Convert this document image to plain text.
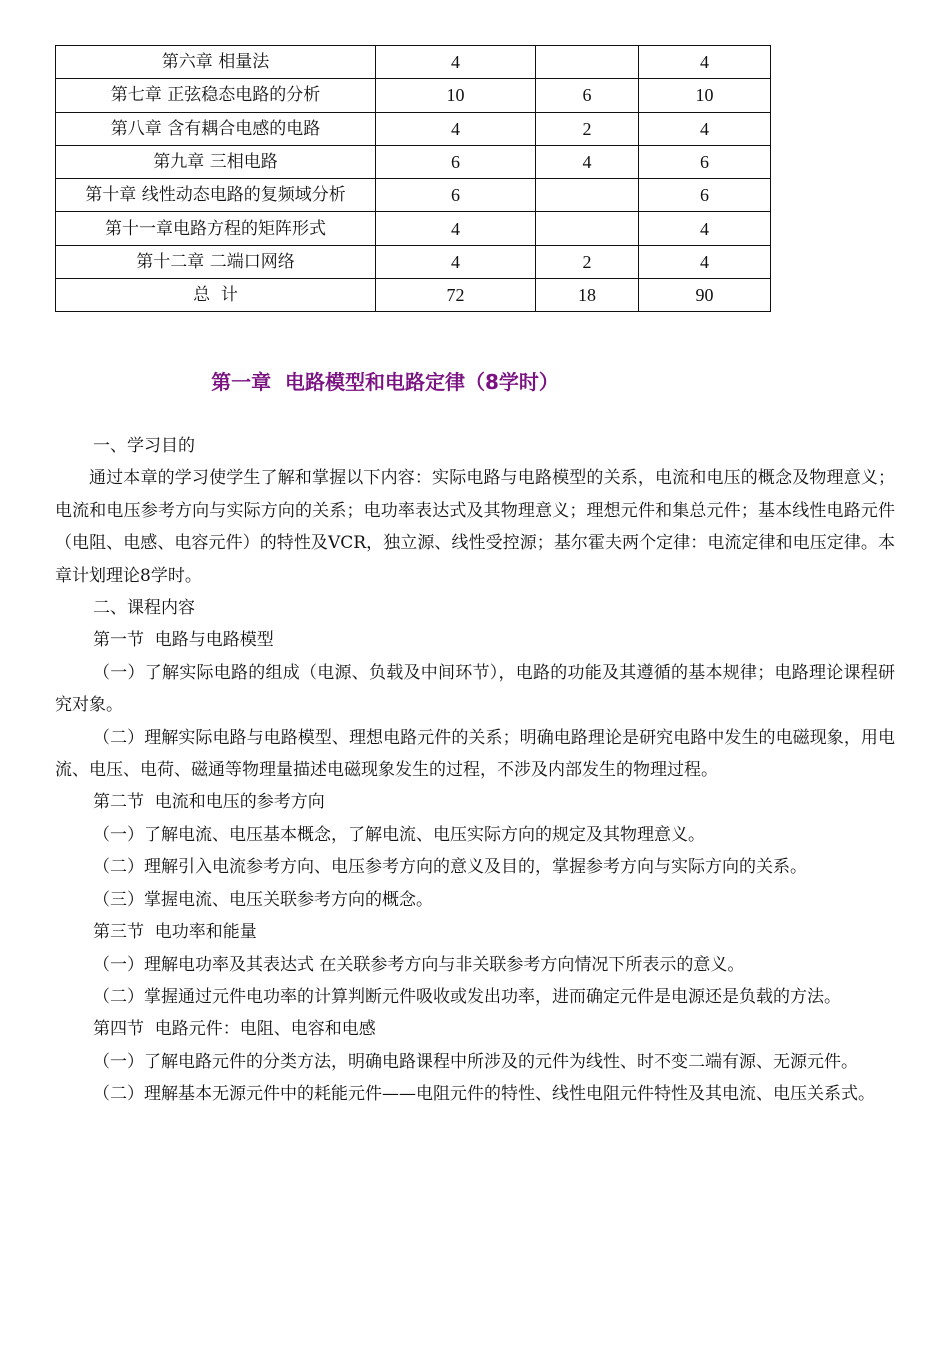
第六章 相量法	4		4
第七章 正弦稳态电路的分析	10	6	10
第八章 含有耦合电感的电路	4	2	4
第九章 三相电路	6	4	6
第十章 线性动态电路的复频域分析	6		6
第十一章电路方程的矩阵形式	4		4
第十二章 二端口网络	4	2	4
总  计	72	18	90
第一章  电路模型和电路定律（8学时）

一、学习目的

通过本章的学习使学生了解和掌握以下内容：实际电路与电路模型的关系，电流和电压的概念及物理意义；电流和电压参考方向与实际方向的关系；电功率表达式及其物理意义；理想元件和集总元件；基本线性电路元件（电阻、电感、电容元件）的特性及VCR，独立源、线性受控源；基尔霍夫两个定律：电流定律和电压定律。本章计划理论8学时。

二、课程内容

第一节  电路与电路模型

（一）了解实际电路的组成（电源、负载及中间环节），电路的功能及其遵循的基本规律；电路理论课程研究对象。

（二）理解实际电路与电路模型、理想电路元件的关系；明确电路理论是研究电路中发生的电磁现象，用电流、电压、电荷、磁通等物理量描述电磁现象发生的过程，不涉及内部发生的物理过程。

第二节  电流和电压的参考方向

（一）了解电流、电压基本概念，了解电流、电压实际方向的规定及其物理意义。

（二）理解引入电流参考方向、电压参考方向的意义及目的，掌握参考方向与实际方向的关系。

（三）掌握电流、电压关联参考方向的概念。

第三节  电功率和能量

（一）理解电功率及其表达式 在关联参考方向与非关联参考方向情况下所表示的意义。

（二）掌握通过元件电功率的计算判断元件吸收或发出功率，进而确定元件是电源还是负载的方法。

第四节  电路元件：电阻、电容和电感

（一）了解电路元件的分类方法，明确电路课程中所涉及的元件为线性、时不变二端有源、无源元件。

（二）理解基本无源元件中的耗能元件——电阻元件的特性、线性电阻元件特性及其电流、电压关系式。
